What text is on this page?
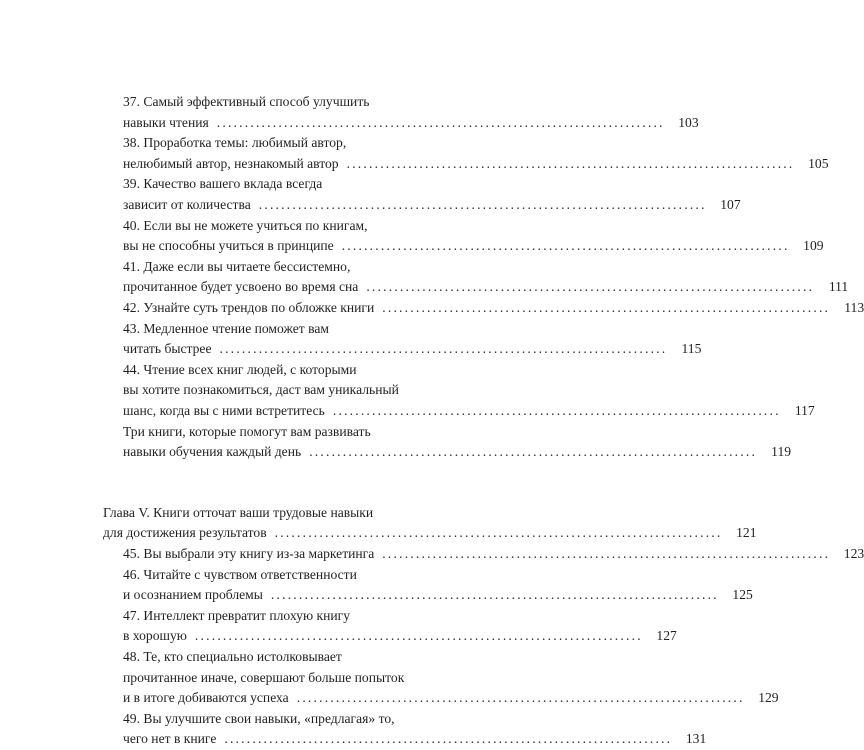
37. Самый эффективный способ улучшить
навыки чтения ................................................................................	103
38. Проработка темы: любимый автор,
нелюбимый автор, незнакомый автор ................................................................................	105
39. Качество вашего вклада всегда
зависит от количества ................................................................................	107
40. Если вы не можете учиться по книгам,
вы не способны учиться в принципе ................................................................................	109
41. Даже если вы читаете бессистемно,
прочитанное будет усвоено во время сна ................................................................................	111
42. Узнайте суть трендов по обложке книги ................................................................................	113
43. Медленное чтение поможет вам
читать быстрее ................................................................................	115
44. Чтение всех книг людей, с которыми
вы хотите познакомиться, даст вам уникальный
шанс, когда вы с ними встретитесь ................................................................................	117
Три книги, которые помогут вам развивать
навыки обучения каждый день ................................................................................	119
Глава V. Книги отточат ваши трудовые навыки
для достижения результатов ................................................................................	121
45. Вы выбрали эту книгу из-за маркетинга ................................................................................	123
46. Читайте с чувством ответственности
и осознанием проблемы ................................................................................	125
47. Интеллект превратит плохую книгу
в хорошую ................................................................................	127
48. Те, кто специально истолковывает
прочитанное иначе, совершают больше попыток
и в итоге добиваются успеха ................................................................................	129
49. Вы улучшите свои навыки, «предлагая» то,
чего нет в книге ................................................................................	131
